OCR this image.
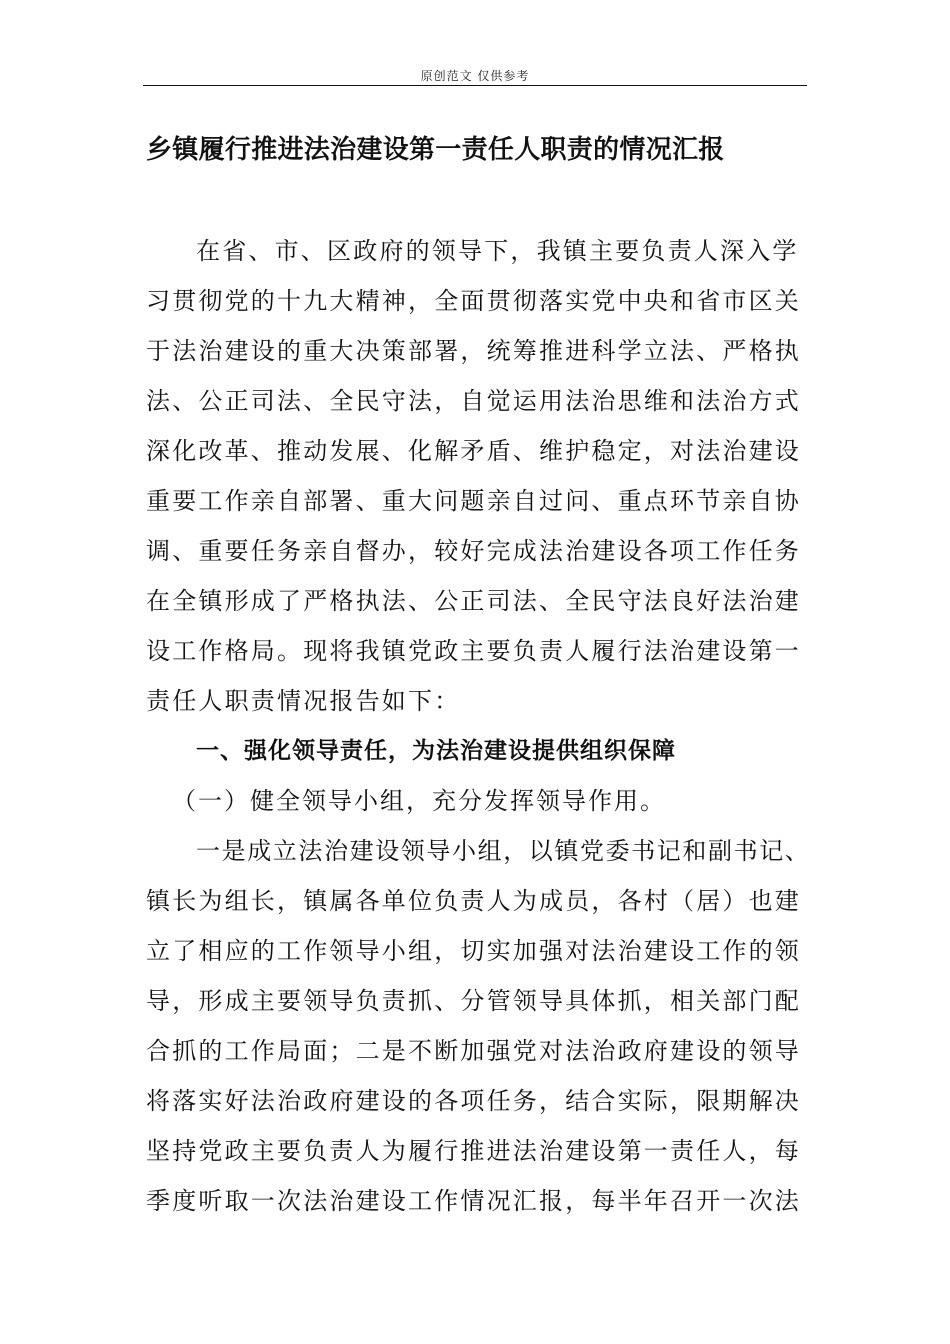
原创范文 仅供参考
乡镇履行推进法治建设第一责任人职责的情况汇报
在省、市、区政府的领导下，我镇主要负责人深入学
习贯彻党的十九大精神，全面贯彻落实党中央和省市区关
于法治建设的重大决策部署，统筹推进科学立法、严格执
法、公正司法、全民守法，自觉运用法治思维和法治方式
深化改革、推动发展、化解矛盾、维护稳定，对法治建设
重要工作亲自部署、重大问题亲自过问、重点环节亲自协
调、重要任务亲自督办，较好完成法治建设各项工作任务
在全镇形成了严格执法、公正司法、全民守法良好法治建
设工作格局。现将我镇党政主要负责人履行法治建设第一
责任人职责情况报告如下：
一、强化领导责任，为法治建设提供组织保障
（一）健全领导小组，充分发挥领导作用。
一是成立法治建设领导小组，以镇党委书记和副书记、
镇长为组长，镇属各单位负责人为成员，各村（居）也建
立了相应的工作领导小组，切实加强对法治建设工作的领
导，形成主要领导负责抓、分管领导具体抓，相关部门配
合抓的工作局面；二是不断加强党对法治政府建设的领导
将落实好法治政府建设的各项任务，结合实际，限期解决
坚持党政主要负责人为履行推进法治建设第一责任人，每
季度听取一次法治建设工作情况汇报，每半年召开一次法
